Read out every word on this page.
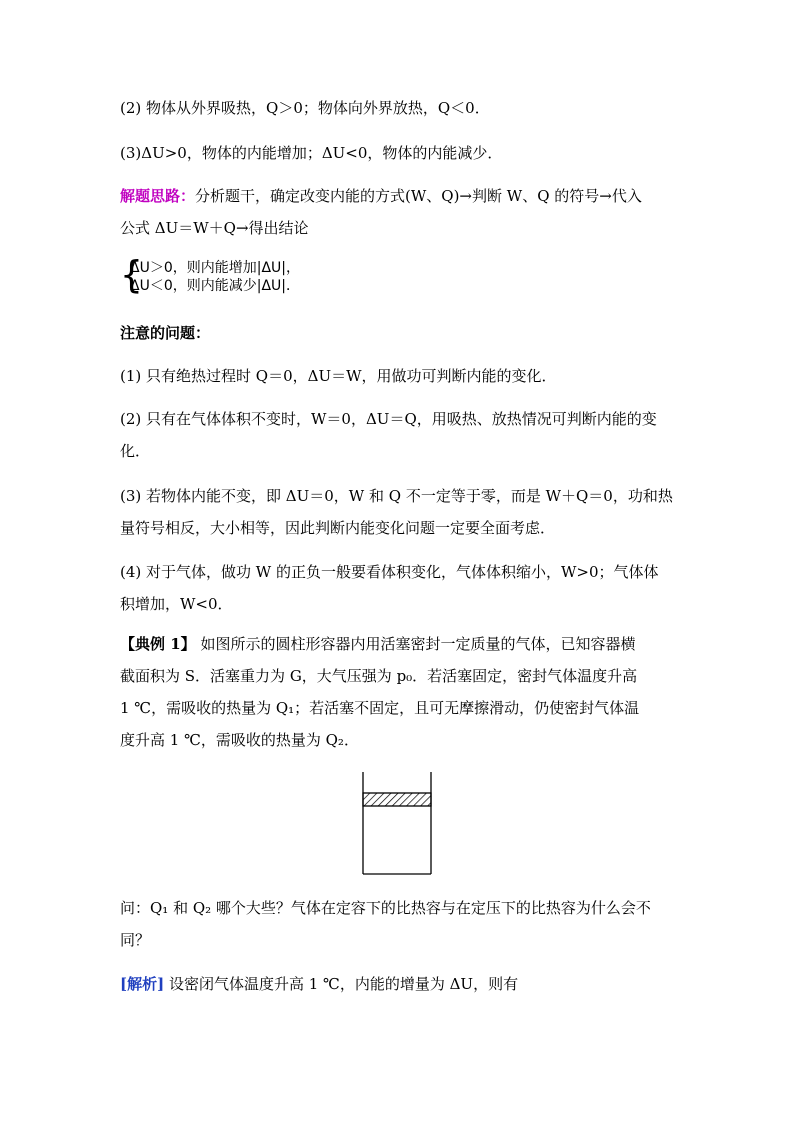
(2) 物体从外界吸热，Q＞0；物体向外界放热，Q＜0．
(3)ΔU>0，物体的内能增加；ΔU<0，物体的内能减少．
解题思路：分析题干，确定改变内能的方式(W、Q)→判断 W、Q 的符号→代入
公式 ΔU＝W＋Q→得出结论
{
ΔU＞0，则内能增加|ΔU|，
ΔU＜0，则内能减少|ΔU|．
注意的问题：
(1) 只有绝热过程时 Q＝0，ΔU＝W，用做功可判断内能的变化．
(2) 只有在气体体积不变时，W＝0，ΔU＝Q，用吸热、放热情况可判断内能的变
化．
(3) 若物体内能不变，即 ΔU＝0，W 和 Q 不一定等于零，而是 W＋Q＝0，功和热
量符号相反，大小相等，因此判断内能变化问题一定要全面考虑．
(4) 对于气体，做功 W 的正负一般要看体积变化，气体体积缩小，W>0；气体体
积增加，W<0．
【典例 1】 如图所示的圆柱形容器内用活塞密封一定质量的气体，已知容器横
截面积为 S．活塞重力为 G，大气压强为 p₀．若活塞固定，密封气体温度升高
1 ℃，需吸收的热量为 Q₁；若活塞不固定，且可无摩擦滑动，仍使密封气体温
度升高 1 ℃，需吸收的热量为 Q₂．
问：Q₁ 和 Q₂ 哪个大些？气体在定容下的比热容与在定压下的比热容为什么会不
同？
[解析] 设密闭气体温度升高 1 ℃，内能的增量为 ΔU，则有
